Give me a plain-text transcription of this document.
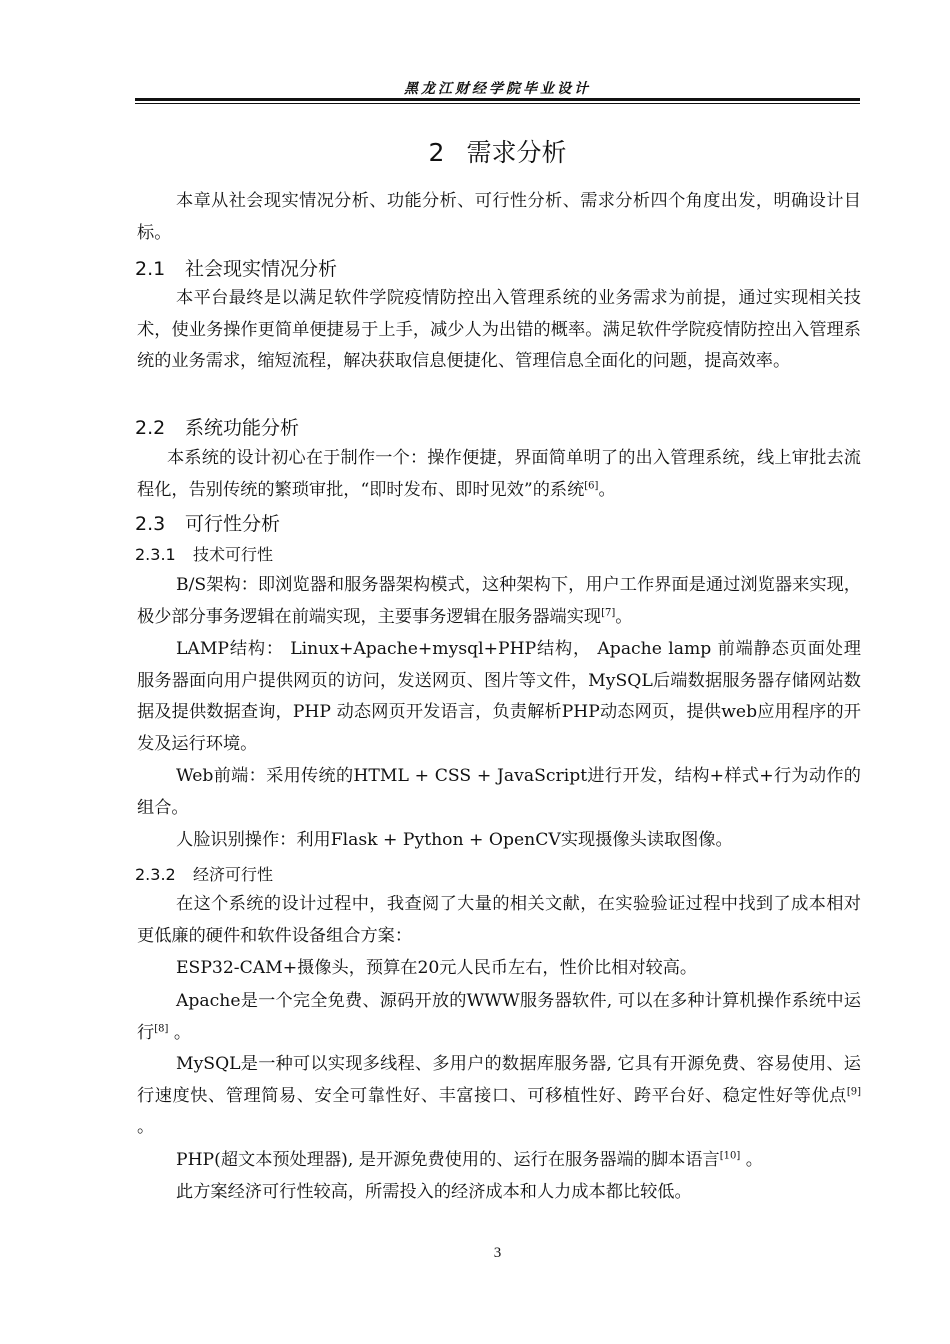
黑龙江财经学院毕业设计
2 需求分析
本章从社会现实情况分析、功能分析、可行性分析、需求分析四个角度出发，明确设计目标。
2.1 社会现实情况分析
本平台最终是以满足软件学院疫情防控出入管理系统的业务需求为前提，通过实现相关技术，使业务操作更简单便捷易于上手，减少人为出错的概率。满足软件学院疫情防控出入管理系统的业务需求，缩短流程，解决获取信息便捷化、管理信息全面化的问题，提高效率。
2.2 系统功能分析
本系统的设计初心在于制作一个：操作便捷，界面简单明了的出入管理系统，线上审批去流程化，告别传统的繁琐审批，“即时发布、即时见效”的系统[6]。
2.3 可行性分析
2.3.1 技术可行性
B/S架构：即浏览器和服务器架构模式，这种架构下，用户工作界面是通过浏览器来实现，极少部分事务逻辑在前端实现，主要事务逻辑在服务器端实现[7]。
LAMP结构： Linux+Apache+mysql+PHP结构， Apache lamp 前端静态页面处理服务器面向用户提供网页的访问，发送网页、图片等文件，MySQL后端数据服务器存储网站数据及提供数据查询，PHP 动态网页开发语言，负责解析PHP动态网页，提供web应用程序的开发及运行环境。
Web前端：采用传统的HTML + CSS + JavaScript进行开发，结构+样式+行为动作的组合。
人脸识别操作：利用Flask + Python + OpenCV实现摄像头读取图像。
2.3.2 经济可行性
在这个系统的设计过程中，我查阅了大量的相关文献，在实验验证过程中找到了成本相对更低廉的硬件和软件设备组合方案：
ESP32-CAM+摄像头，预算在20元人民币左右，性价比相对较高。
Apache是一个完全免费、源码开放的WWW服务器软件, 可以在多种计算机操作系统中运行[8] 。
MySQL是一种可以实现多线程、多用户的数据库服务器, 它具有开源免费、容易使用、运行速度快、管理简易、安全可靠性好、丰富接口、可移植性好、跨平台好、稳定性好等优点[9] 。
PHP(超文本预处理器), 是开源免费使用的、运行在服务器端的脚本语言[10] 。
此方案经济可行性较高，所需投入的经济成本和人力成本都比较低。
3
